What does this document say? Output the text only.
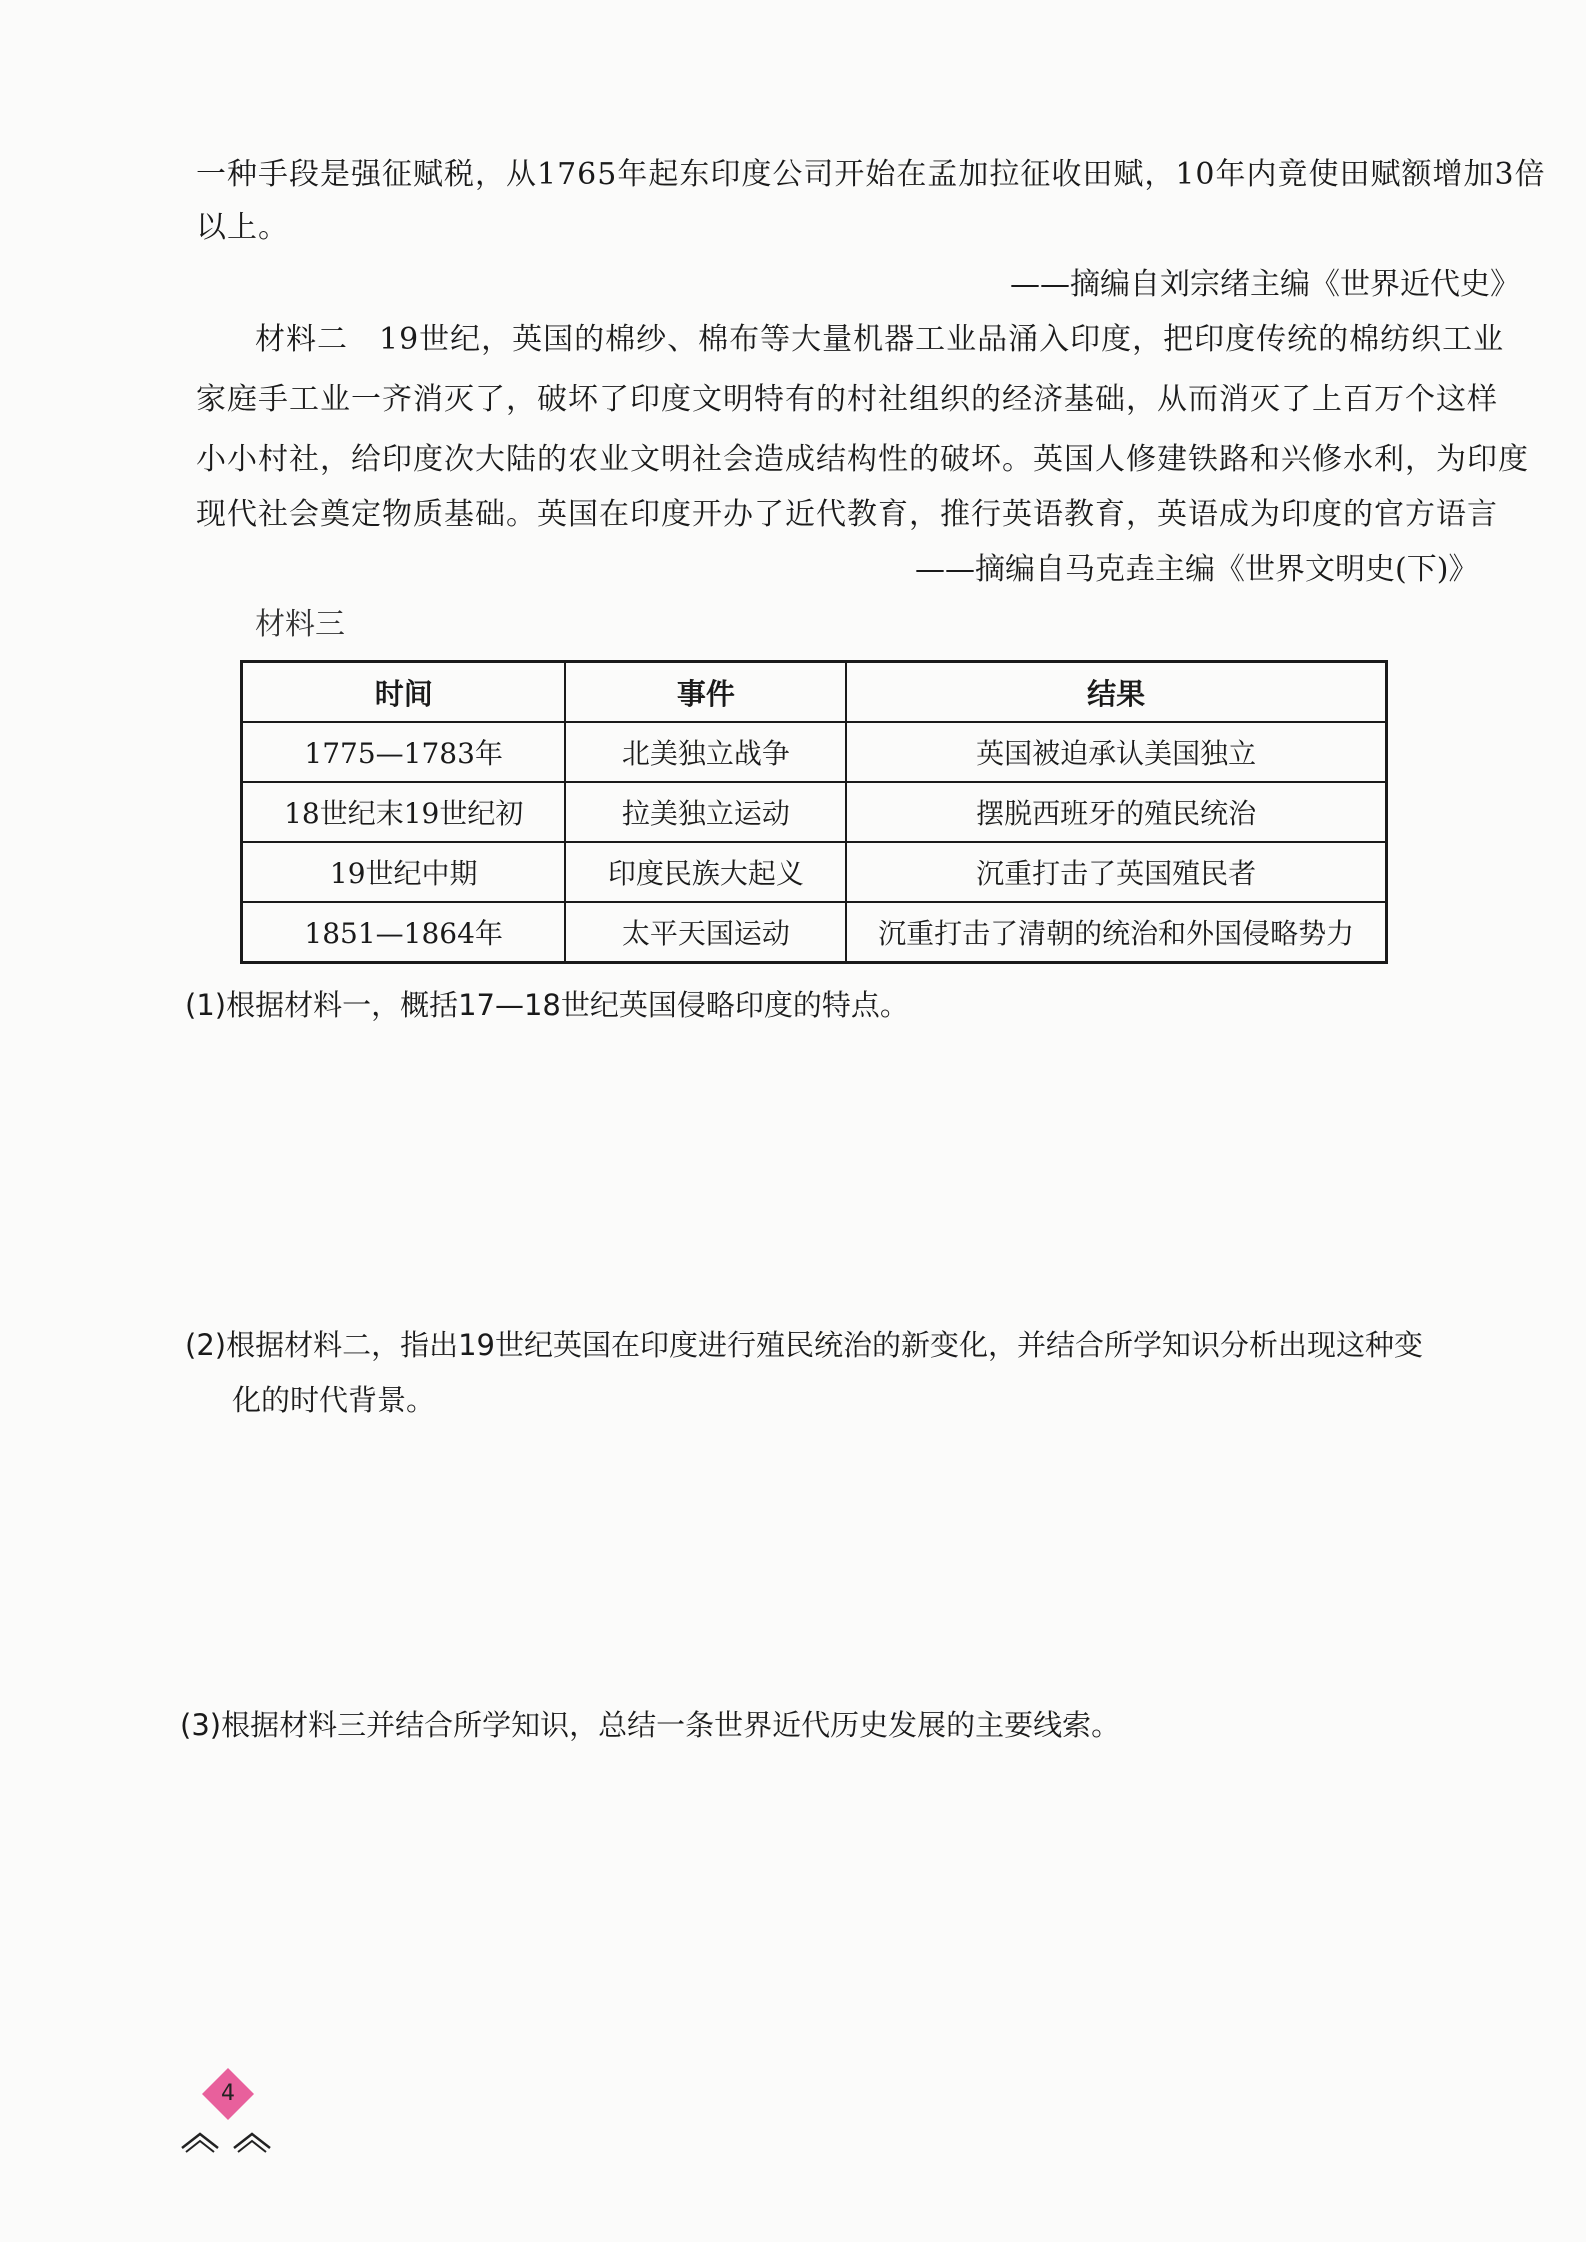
一种手段是强征赋税，从1765年起东印度公司开始在孟加拉征收田赋，10年内竟使田赋额增加3倍
以上。
——摘编自刘宗绪主编《世界近代史》
材料二　19世纪，英国的棉纱、棉布等大量机器工业品涌入印度，把印度传统的棉纺织工业
家庭手工业一齐消灭了，破坏了印度文明特有的村社组织的经济基础，从而消灭了上百万个这样
小小村社，给印度次大陆的农业文明社会造成结构性的破坏。英国人修建铁路和兴修水利，为印度
现代社会奠定物质基础。英国在印度开办了近代教育，推行英语教育，英语成为印度的官方语言
——摘编自马克垚主编《世界文明史(下)》
材料三
时间	事件	结果
1775—1783年	北美独立战争	英国被迫承认美国独立
18世纪末19世纪初	拉美独立运动	摆脱西班牙的殖民统治
19世纪中期	印度民族大起义	沉重打击了英国殖民者
1851—1864年	太平天国运动	沉重打击了清朝的统治和外国侵略势力
(1)根据材料一，概括17—18世纪英国侵略印度的特点。
(2)根据材料二，指出19世纪英国在印度进行殖民统治的新变化，并结合所学知识分析出现这种变
化的时代背景。
(3)根据材料三并结合所学知识，总结一条世界近代历史发展的主要线索。
4
